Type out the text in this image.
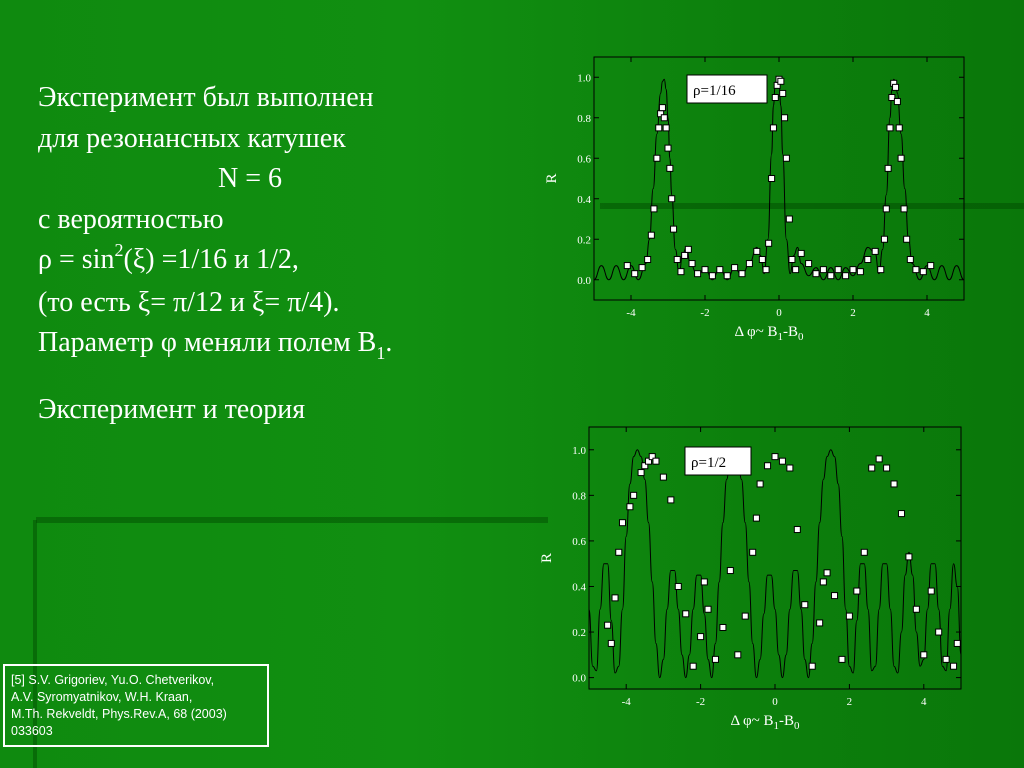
Эксперимент был выполнен
для резонансных катушек
N = 6
с вероятностью
$\rho = \sin^2(\xi) =1/16$ и 1/2,
(то есть ξ= π/12 и ξ= π/4).
Параметр φ меняли полем $B_1$.
Эксперимент и теория
[5] S.V. Grigoriev, Yu.O. Chetverikov,
A.V. Syromyatnikov, W.H. Kraan,
M.Th. Rekveldt, Phys.Rev.A, 68 (2003)
033603
0.0
0.2
0.4
0.6
0.8
1.0
-4	-2	0	2	4
R
Δ φ~ $B_1-B_0$
ρ=1/16
0.0
0.2
0.4
0.6
0.8
1.0
-4	-2	0	2	4
R
Δ φ~ $B_1-B_0$
ρ=1/2
